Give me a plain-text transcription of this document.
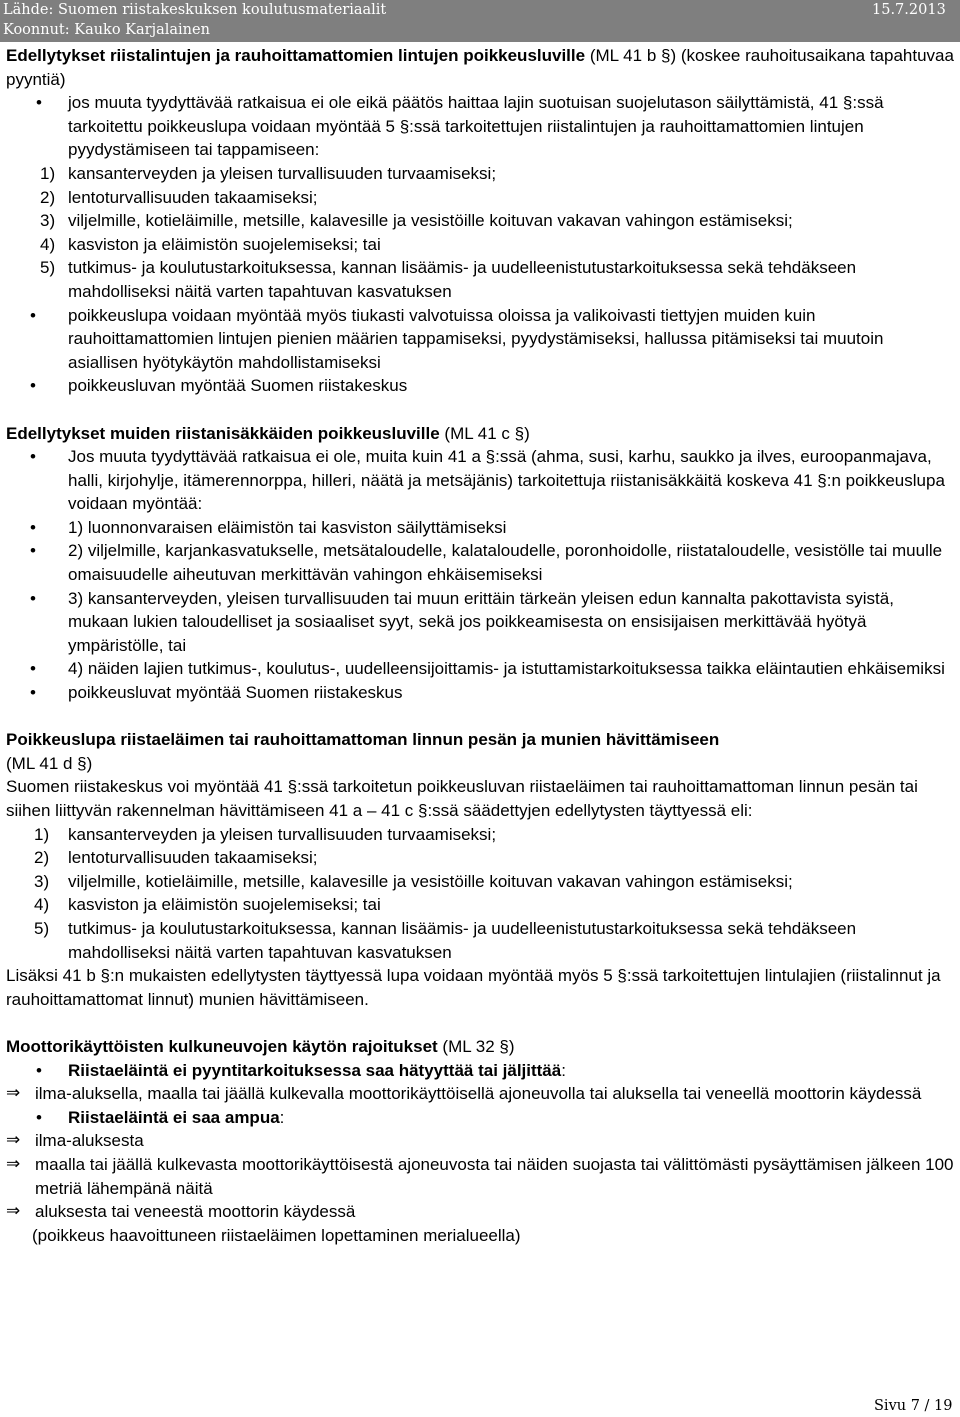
Lähde: Suomen riistakeskuksen koulutusmateriaalit
Koonnut: Kauko Karjalainen
15.7.2013

Edellytykset riistalintujen ja rauhoittamattomien lintujen poikkeusluville (ML 41 b §) (koskee rauhoitusaikana tapahtuvaa pyyntiä)

• jos muuta tyydyttävää ratkaisua ei ole eikä päätös haittaa lajin suotuisan suojelutason säilyttämistä, 41 §:ssä tarkoitettu poikkeuslupa voidaan myöntää 5 §:ssä tarkoitettujen riistalintujen ja rauhoittamattomien lintujen pyydystämiseen tai tappamiseen:

1) kansanterveyden ja yleisen turvallisuuden turvaamiseksi;

2) lentoturvallisuuden takaamiseksi;

3) viljelmille, kotieläimille, metsille, kalavesille ja vesistöille koituvan vakavan vahingon estämiseksi;

4) kasviston ja eläimistön suojelemiseksi; tai

5) tutkimus- ja koulutustarkoituksessa, kannan lisäämis- ja uudelleenistutustarkoituksessa sekä tehdäkseen mahdolliseksi näitä varten tapahtuvan kasvatuksen

• poikkeuslupa voidaan myöntää myös tiukasti valvotuissa oloissa ja valikoivasti tiettyjen muiden kuin rauhoittamattomien lintujen pienien määrien tappamiseksi, pyydystämiseksi, hallussa pitämiseksi tai muutoin asiallisen hyötykäytön mahdollistamiseksi

• poikkeusluvan myöntää Suomen riistakeskus

Edellytykset muiden riistanisäkkäiden poikkeusluville (ML 41 c §)

• Jos muuta tyydyttävää ratkaisua ei ole, muita kuin 41 a §:ssä (ahma, susi, karhu, saukko ja ilves, euroopanmajava, halli, kirjohylje, itämerennorppa, hilleri, näätä ja metsäjänis) tarkoitettuja riistanisäkkäitä koskeva 41 §:n poikkeuslupa voidaan myöntää:

• 1) luonnonvaraisen eläimistön tai kasviston säilyttämiseksi

• 2) viljelmille, karjankasvatukselle, metsätaloudelle, kalataloudelle, poronhoidolle, riistataloudelle, vesistölle tai muulle omaisuudelle aiheutuvan merkittävän vahingon ehkäisemiseksi

• 3) kansanterveyden, yleisen turvallisuuden tai muun erittäin tärkeän yleisen edun kannalta pakottavista syistä, mukaan lukien taloudelliset ja sosiaaliset syyt, sekä jos poikkeamisesta on ensisijaisen merkittävää hyötyä ympäristölle, tai

• 4) näiden lajien tutkimus-, koulutus-, uudelleensijoittamis- ja istuttamistarkoituksessa taikka eläintautien ehkäisemiksi

• poikkeusluvat myöntää Suomen riistakeskus

Poikkeuslupa riistaeläimen tai rauhoittamattoman linnun pesän ja munien hävittämiseen

(ML 41 d §)

Suomen riistakeskus voi myöntää 41 §:ssä tarkoitetun poikkeusluvan riistaeläimen tai rauhoittamattoman linnun pesän tai siihen liittyvän rakennelman hävittämiseen 41 a – 41 c §:ssä säädettyjen edellytysten täyttyessä eli:

1) kansanterveyden ja yleisen turvallisuuden turvaamiseksi;

2) lentoturvallisuuden takaamiseksi;

3) viljelmille, kotieläimille, metsille, kalavesille ja vesistöille koituvan vakavan vahingon estämiseksi;

4) kasviston ja eläimistön suojelemiseksi; tai

5) tutkimus- ja koulutustarkoituksessa, kannan lisäämis- ja uudelleenistutustarkoituksessa sekä tehdäkseen mahdolliseksi näitä varten tapahtuvan kasvatuksen

Lisäksi 41 b §:n mukaisten edellytysten täyttyessä lupa voidaan myöntää myös 5 §:ssä tarkoitettujen lintulajien (riistalinnut ja rauhoittamattomat linnut) munien hävittämiseen.

Moottorikäyttöisten kulkuneuvojen käytön rajoitukset (ML 32 §)

• Riistaeläintä ei pyyntitarkoituksessa saa hätyyttää tai jäljittää:

⇒ ilma-aluksella, maalla tai jäällä kulkevalla moottorikäyttöisellä ajoneuvolla tai aluksella tai veneellä moottorin käydessä

• Riistaeläintä ei saa ampua:

⇒ ilma-aluksesta

⇒ maalla tai jäällä kulkevasta moottorikäyttöisestä ajoneuvosta tai näiden suojasta tai välittömästi pysäyttämisen jälkeen 100 metriä lähempänä näitä

⇒ aluksesta tai veneestä moottorin käydessä

(poikkeus haavoittuneen riistaeläimen lopettaminen merialueella)

Sivu 7 / 19
